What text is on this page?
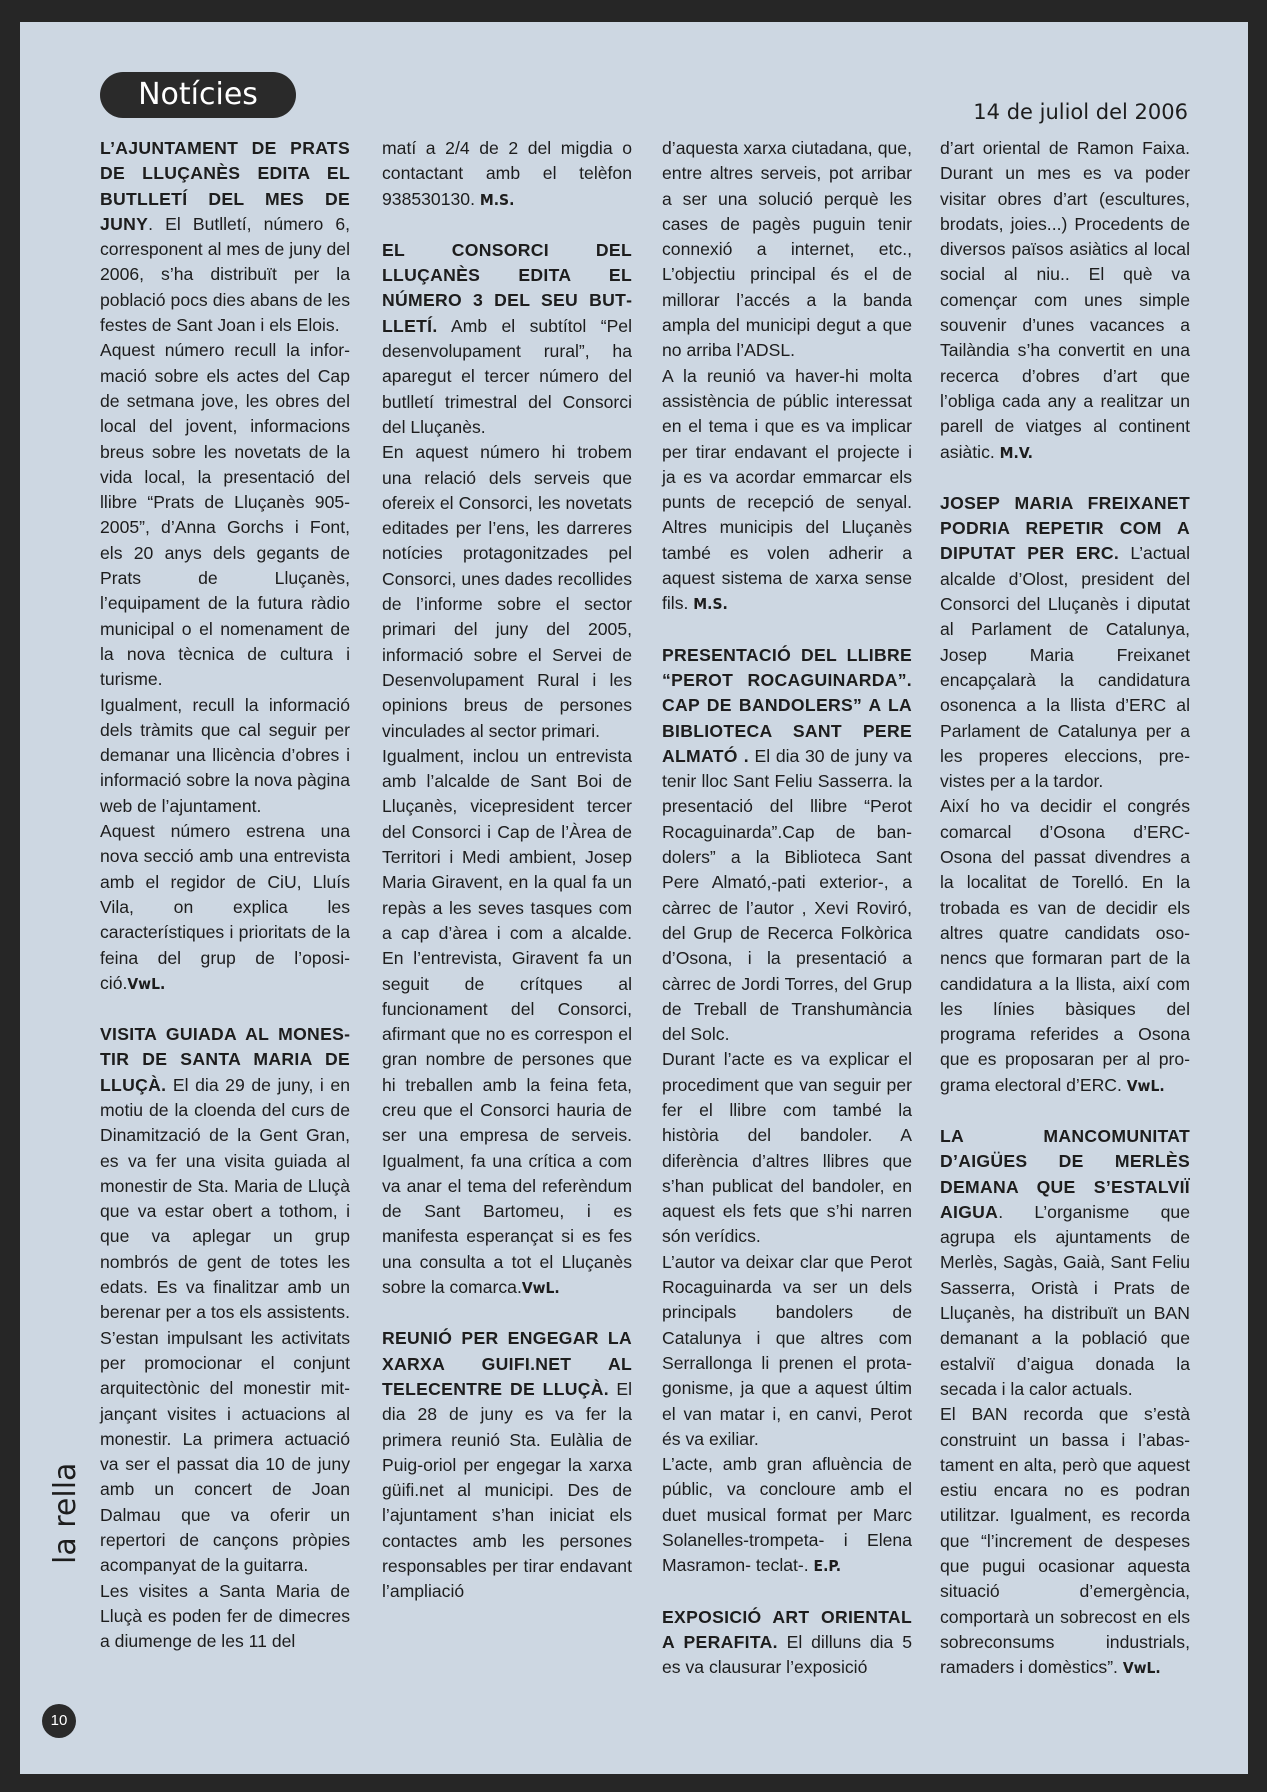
Notícies	14 de juliol del 2006

L’AJUNTAMENT DE PRATS DE LLUÇANÈS EDITA EL BUTLLETÍ DEL MES DE JUNY. El Butlletí, número 6, corresponent al mes de juny del 2006, s’ha distribuït per la població pocs dies abans de les festes de Sant Joan i els Elois.

Aquest número recull la informació sobre els actes del Cap de setmana jove, les obres del local del jovent, informacions breus sobre les novetats de la vida local, la presentació del llibre “Prats de Lluçanès 905-2005”, d’Anna Gorchs i Font, els 20 anys dels gegants de Prats de Lluçanès, l’equipament de la futura ràdio municipal o el nomenament de la nova tècnica de cultura i turisme.

Igualment, recull la informació dels tràmits que cal seguir per demanar una llicència d’obres i informació sobre la nova pàgina web de l’ajuntament.

Aquest número estrena una nova secció amb una entrevista amb el regidor de CiU, Lluís Vila, on explica les característiques i prioritats de la feina del grup de l’oposició.VwL.

VISITA GUIADA AL MONESTIR DE SANTA MARIA DE LLUÇÀ. El dia 29 de juny, i en motiu de la cloenda del curs de Dinamització de la Gent Gran, es va fer una visita guiada al monestir de Sta. Maria de Lluçà que va estar obert a tothom, i que va aplegar un grup nombrós de gent de totes les edats. Es va finalitzar amb un berenar per a tos els assistents. S’estan impulsant les activitats per promocionar el conjunt arquitectònic del monestir mitjançant visites i actuacions al monestir. La primera actuació va ser el passat dia 10 de juny amb un concert de Joan Dalmau que va oferir un repertori de cançons pròpies acompanyat de la guitarra.

Les visites a Santa Maria de Lluçà es poden fer de dimecres a diumenge de les 11 del

matí a 2/4 de 2 del migdia o contactant amb el telèfon 938530130. M.S.

EL CONSORCI DEL LLUÇANÈS EDITA EL NÚMERO 3 DEL SEU BUTLLETÍ. Amb el subtítol “Pel desenvolupament rural”, ha aparegut el tercer número del butlletí trimestral del Consorci del Lluçanès.

En aquest número hi trobem una relació dels serveis que ofereix el Consorci, les novetats editades per l’ens, les darreres notícies protagonitzades pel Consorci, unes dades recollides de l’informe sobre el sector primari del juny del 2005, informació sobre el Servei de Desenvolupament Rural i les opinions breus de persones vinculades al sector primari.

Igualment, inclou un entrevista amb l’alcalde de Sant Boi de Lluçanès, vicepresident tercer del Consorci i Cap de l’Àrea de Territori i Medi ambient, Josep Maria Giravent, en la qual fa un repàs a les seves tasques com a cap d’àrea i com a alcalde. En l’entrevista, Giravent fa un seguit de crítques al funcionament del Consorci, afirmant que no es correspon el gran nombre de persones que hi treballen amb la feina feta, creu que el Consorci hauria de ser una empresa de serveis. Igualment, fa una crítica a com va anar el tema del referèndum de Sant Bartomeu, i es manifesta esperançat si es fes una consulta a tot el Lluçanès sobre la comarca.VwL.

REUNIÓ PER ENGEGAR LA XARXA GUIFI.NET AL TELECENTRE DE LLUÇÀ. El dia 28 de juny es va fer la primera reunió Sta. Eulàlia de Puig-oriol per engegar la xarxa güifi.net al municipi. Des de l’ajuntament s’han iniciat els contactes amb les persones responsables per tirar endavant l’ampliació

d’aquesta xarxa ciutadana, que, entre altres serveis, pot arribar a ser una solució perquè les cases de pagès puguin tenir connexió a internet, etc., L’objectiu principal és el de millorar l’accés a la banda ampla del municipi degut a que no arriba l’ADSL.

A la reunió va haver-hi molta assistència de públic interessat en el tema i que es va implicar per tirar endavant el projecte i ja es va acordar emmarcar els punts de recepció de senyal. Altres municipis del Lluçanès també es volen adherir a aquest sistema de xarxa sense fils. M.S.

PRESENTACIÓ DEL LLIBRE “PEROT ROCAGUINARDA”. CAP DE BANDOLERS” A LA BIBLIOTECA SANT PERE ALMATÓ . El dia 30 de juny va tenir lloc Sant Feliu Sasserra. la presentació del llibre “Perot Rocaguinarda”.Cap de bandolers” a la Biblioteca Sant Pere Almató,-pati exterior-, a càrrec de l’autor , Xevi Roviró, del Grup de Recerca Folkòrica d’Osona, i la presentació a càrrec de Jordi Torres, del Grup de Treball de Transhumància del Solc.

Durant l’acte es va explicar el procediment que van seguir per fer el llibre com també la història del bandoler. A diferència d’altres llibres que s’han publicat del bandoler, en aquest els fets que s’hi narren són verídics.

L’autor va deixar clar que Perot Rocaguinarda va ser un dels principals bandolers de Catalunya i que altres com Serrallonga li prenen el protagonisme, ja que a aquest últim el van matar i, en canvi, Perot és va exiliar.

L’acte, amb gran afluència de públic, va concloure amb el duet musical format per Marc Solanelles-trompeta- i Elena Masramon- teclat-. E.P.

EXPOSICIÓ ART ORIENTAL A PERAFITA. El dilluns dia 5 es va clausurar l’exposició

d’art oriental de Ramon Faixa. Durant un mes es va poder visitar obres d’art (escultures, brodats, joies...) Procedents de diversos països asiàtics al local social al niu.. El què va començar com unes simple souvenir d’unes vacances a Tailàndia s’ha convertit en una recerca d’obres d’art que l’obliga cada any a realitzar un parell de viatges al continent asiàtic. M.V.

JOSEP MARIA FREIXANET PODRIA REPETIR COM A DIPUTAT PER ERC. L’actual alcalde d’Olost, president del Consorci del Lluçanès i diputat al Parlament de Catalunya, Josep Maria Freixanet encapçalarà la candidatura osonenca a la llista d’ERC al Parlament de Catalunya per a les properes eleccions, previstes per a la tardor.

Així ho va decidir el congrés comarcal d’Osona d’ERC-Osona del passat divendres a la localitat de Torelló. En la trobada es van de decidir els altres quatre candidats osonencs que formaran part de la candidatura a la llista, així com les línies bàsiques del programa referides a Osona que es proposaran per al programa electoral d’ERC. VwL.

LA MANCOMUNITAT D’AIGÜES DE MERLÈS DEMANA QUE S’ESTALVIÏ AIGUA. L’organisme que agrupa els ajuntaments de Merlès, Sagàs, Gaià, Sant Feliu Sasserra, Oristà i Prats de Lluçanès, ha distribuït un BAN demanant a la població que estalviï d’aigua donada la secada i la calor actuals.

El BAN recorda que s’està construint un bassa i l’abastament en alta, però que aquest estiu encara no es podran utilitzar. Igualment, es recorda que “l’increment de despeses que pugui ocasionar aquesta situació d’emergència, comportarà un sobrecost en els sobreconsums industrials, ramaders i domèstics”. VwL.

la rella
10
